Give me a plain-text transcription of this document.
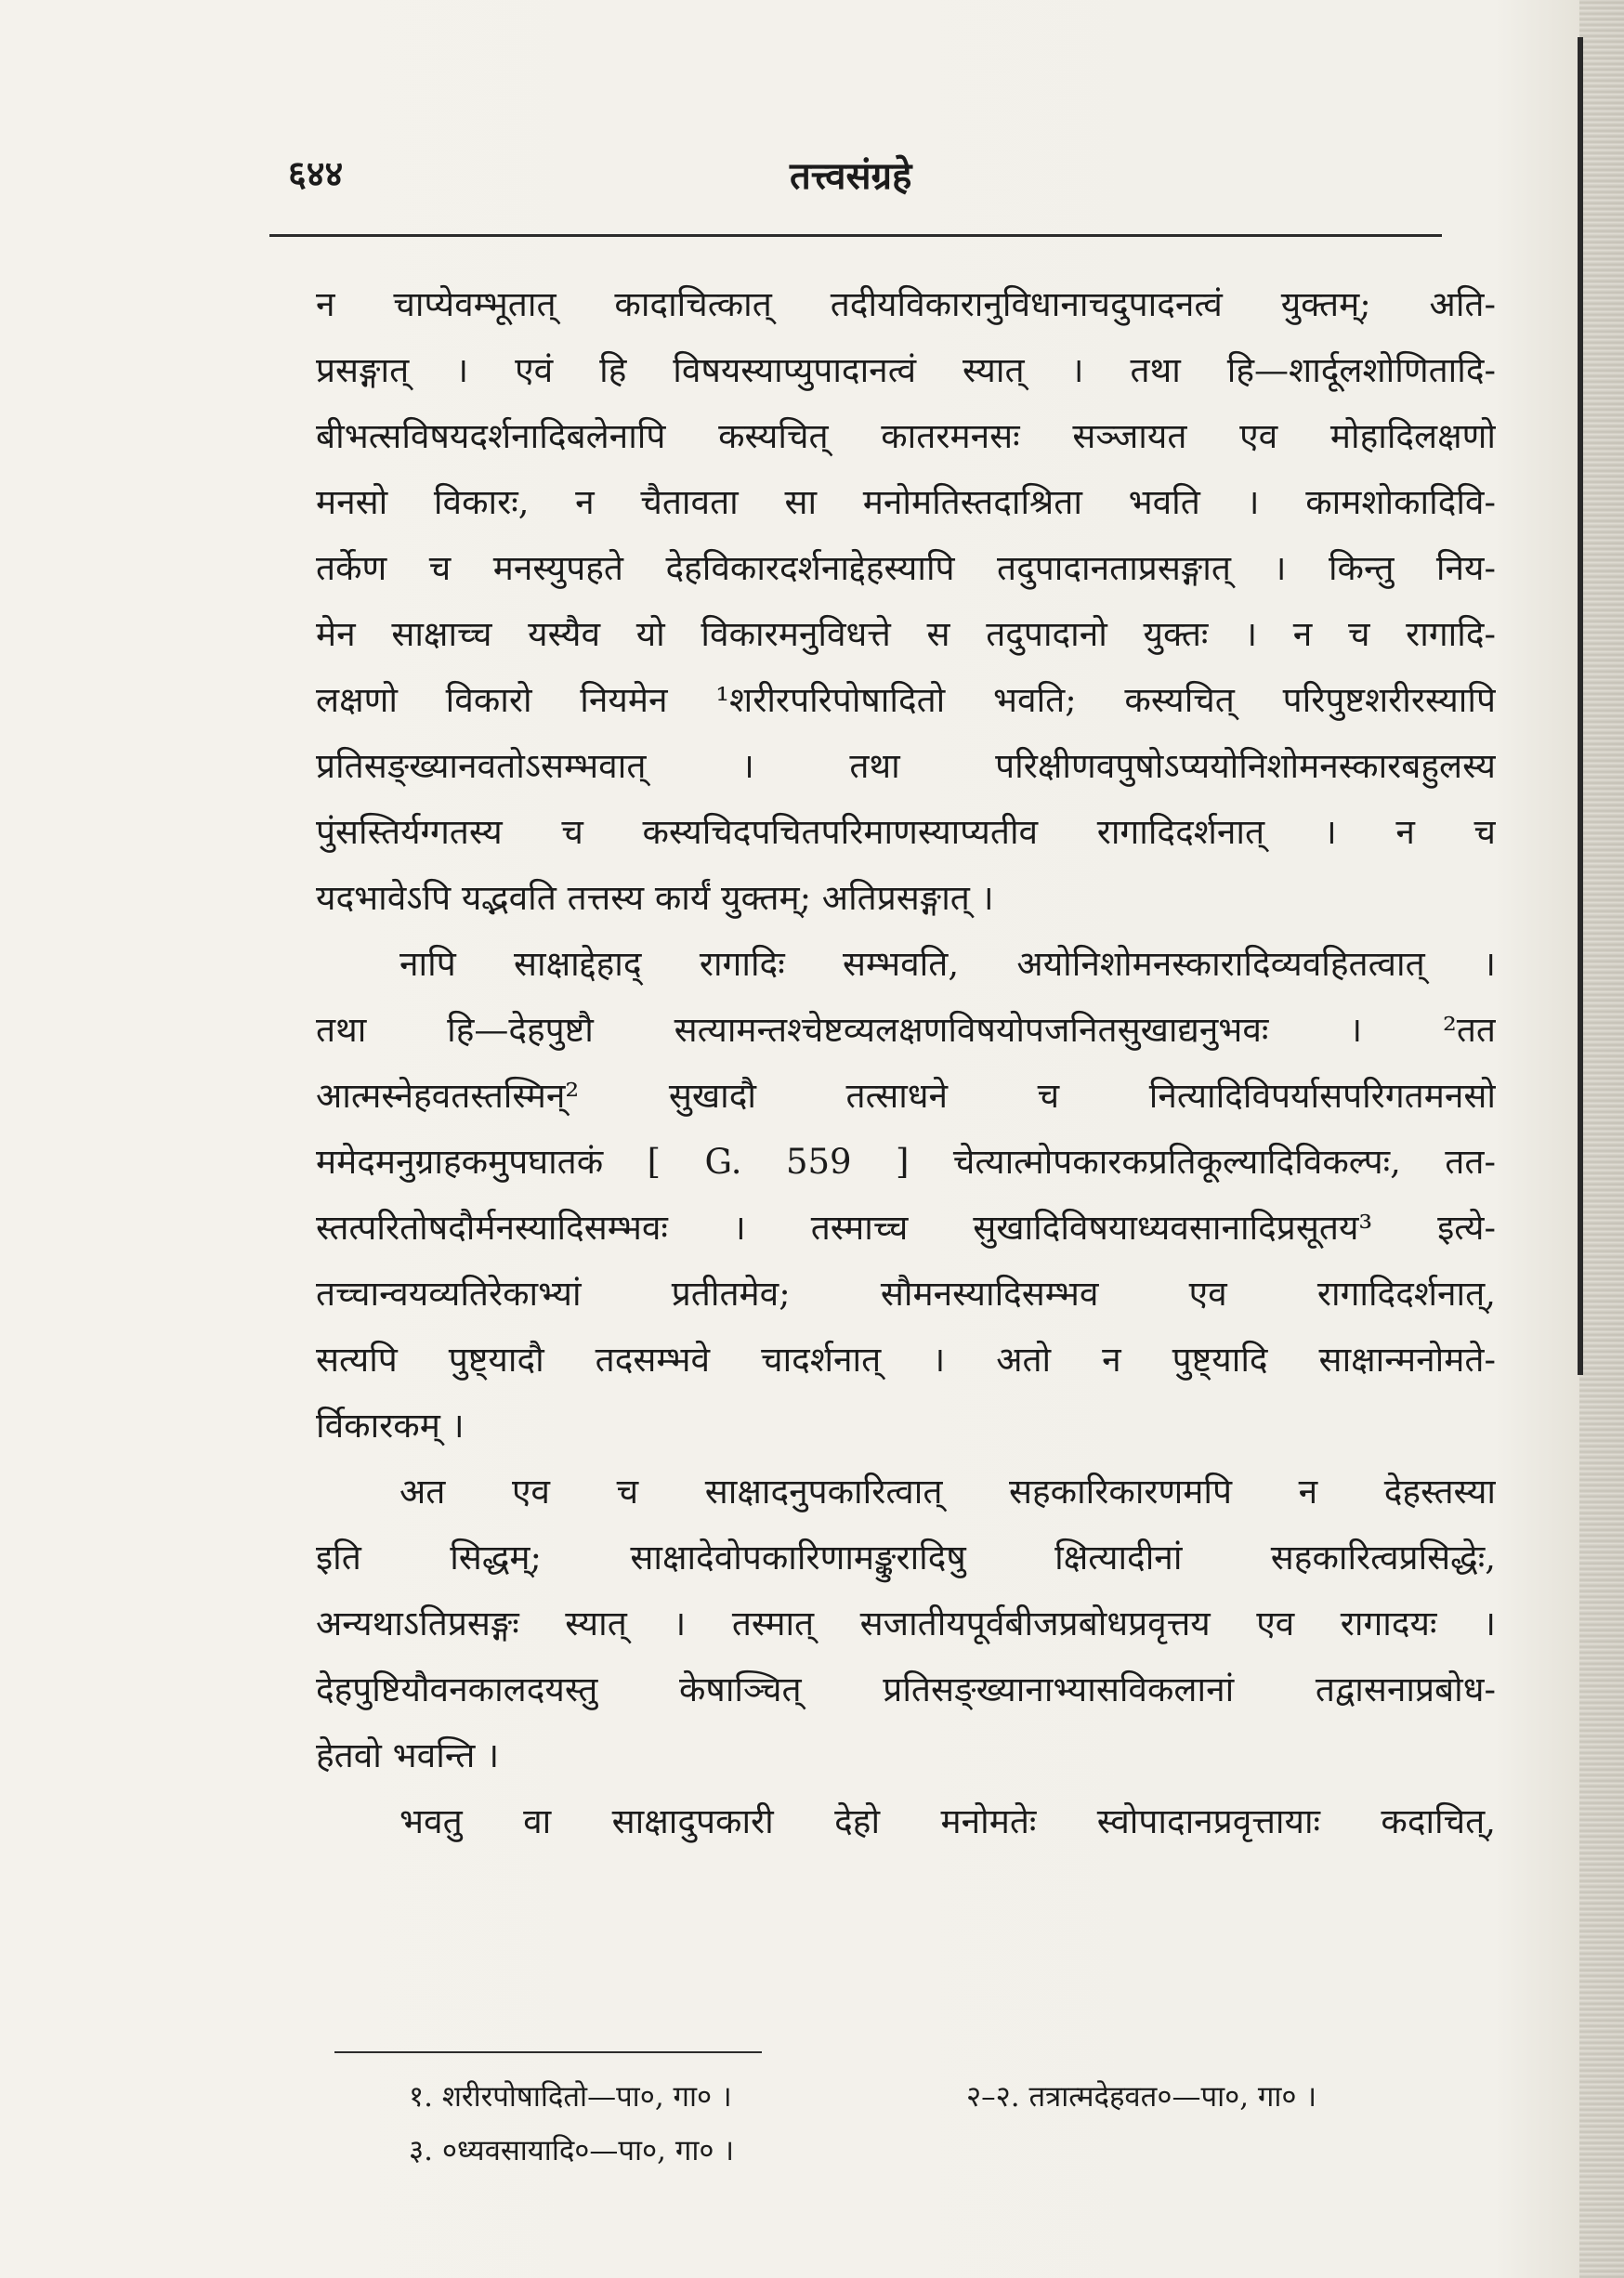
६४४	तत्त्वसंग्रहे
न चाप्येवम्भूतात् कादाचित्कात् तदीयविकारानुविधानाचदुपादनत्वं युक्तम्; अति-
प्रसङ्गात् । एवं हि विषयस्याप्युपादानत्वं स्यात् । तथा हि—शार्दूलशोणितादि-
बीभत्सविषयदर्शनादिबलेनापि कस्यचित् कातरमनसः सञ्जायत एव मोहादिलक्षणो
मनसो विकारः, न चैतावता सा मनोमतिस्तदाश्रिता भवति । कामशोकादिवि-
तर्केण च मनस्युपहते देहविकारदर्शनाद्देहस्यापि तदुपादानताप्रसङ्गात् । किन्तु निय-
मेन साक्षाच्च यस्यैव यो विकारमनुविधत्ते स तदुपादानो युक्तः । न च रागादि-
लक्षणो विकारो नियमेन ¹शरीरपरिपोषादितो भवति; कस्यचित् परिपुष्टशरीरस्यापि
प्रतिसङ्ख्यानवतोऽसम्भवात् । तथा परिक्षीणवपुषोऽप्ययोनिशोमनस्कारबहुलस्य
पुंसस्तिर्यग्गतस्य च कस्यचिदपचितपरिमाणस्याप्यतीव रागादिदर्शनात् । न च
यदभावेऽपि यद्भवति तत्तस्य कार्यं युक्तम्; अतिप्रसङ्गात् ।
नापि साक्षाद्देहाद् रागादिः सम्भवति, अयोनिशोमनस्कारादिव्यवहितत्वात् ।
तथा हि—देहपुष्टौ सत्यामन्तश्चेष्टव्यलक्षणविषयोपजनितसुखाद्यनुभवः । ²तत
आत्मस्नेहवतस्तस्मिन्² सुखादौ तत्साधने च नित्यादिविपर्यासपरिगतमनसो
ममेदमनुग्राहकमुपघातकं [ G. 559 ] चेत्यात्मोपकारकप्रतिकूल्यादिविकल्पः, तत-
स्तत्परितोषदौर्मनस्यादिसम्भवः । तस्माच्च सुखादिविषयाध्यवसानादिप्रसूतय³ इत्ये-
तच्चान्वयव्यतिरेकाभ्यां प्रतीतमेव; सौमनस्यादिसम्भव एव रागादिदर्शनात्,
सत्यपि पुष्ट्यादौ तदसम्भवे चादर्शनात् । अतो न पुष्ट्यादि साक्षान्मनोमते-
र्विकारकम् ।
अत एव च साक्षादनुपकारित्वात् सहकारिकारणमपि न देहस्तस्या
इति सिद्धम्; साक्षादेवोपकारिणामङ्कुरादिषु क्षित्यादीनां सहकारित्वप्रसिद्धेः,
अन्यथाऽतिप्रसङ्गः स्यात् । तस्मात् सजातीयपूर्वबीजप्रबोधप्रवृत्तय एव रागादयः ।
देहपुष्टियौवनकालदयस्तु केषाञ्चित् प्रतिसङ्ख्यानाभ्यासविकलानां तद्वासनाप्रबोध-
हेतवो भवन्ति ।
भवतु वा साक्षादुपकारी देहो मनोमतेः स्वोपादानप्रवृत्तायाः कदाचित्,
१. शरीरपोषादितो—पा०, गा० ।	२–२. तत्रात्मदेहवत०—पा०, गा० ।
३. ०ध्यवसायादि०—पा०, गा० ।
